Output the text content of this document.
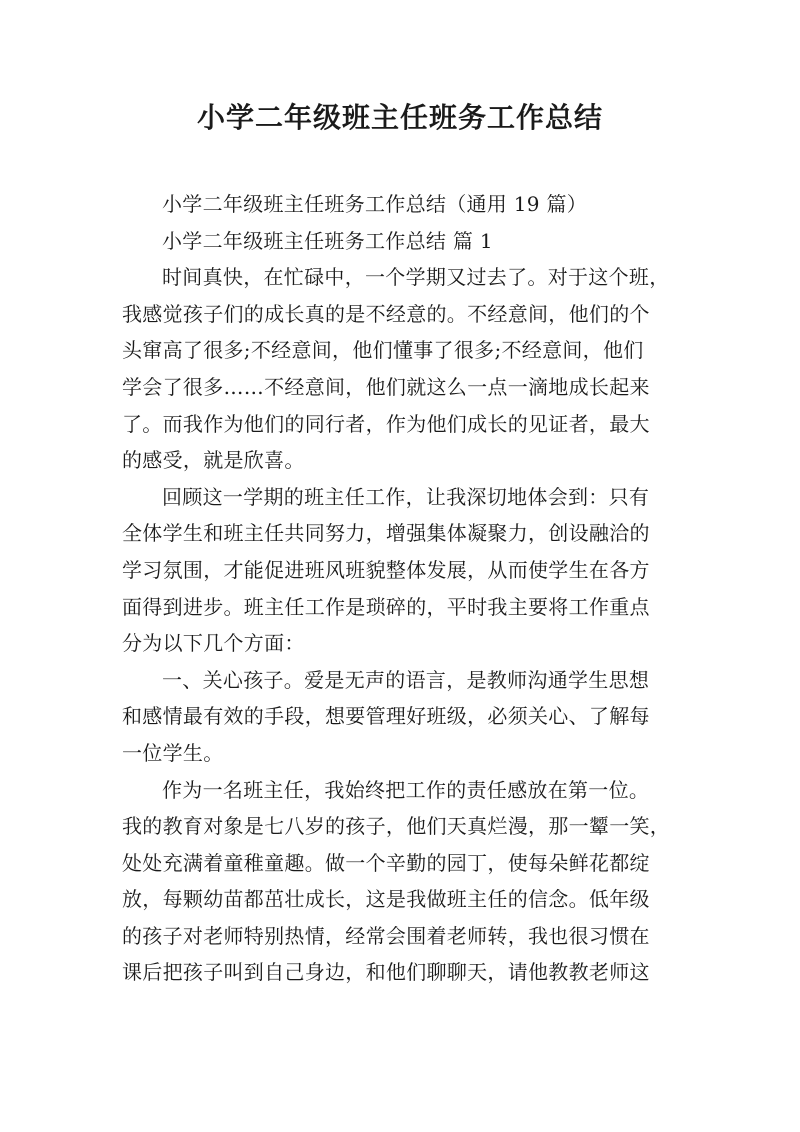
小学二年级班主任班务工作总结
小学二年级班主任班务工作总结（通用 19 篇）
小学二年级班主任班务工作总结 篇 1
时间真快，在忙碌中，一个学期又过去了。对于这个班，
我感觉孩子们的成长真的是不经意的。不经意间，他们的个
头窜高了很多;不经意间，他们懂事了很多;不经意间，他们
学会了很多……不经意间，他们就这么一点一滴地成长起来
了。而我作为他们的同行者，作为他们成长的见证者，最大
的感受，就是欣喜。
回顾这一学期的班主任工作，让我深切地体会到：只有
全体学生和班主任共同努力，增强集体凝聚力，创设融洽的
学习氛围，才能促进班风班貌整体发展，从而使学生在各方
面得到进步。班主任工作是琐碎的，平时我主要将工作重点
分为以下几个方面：
一、关心孩子。爱是无声的语言，是教师沟通学生思想
和感情最有效的手段，想要管理好班级，必须关心、了解每
一位学生。
作为一名班主任，我始终把工作的责任感放在第一位。
我的教育对象是七八岁的孩子，他们天真烂漫，那一颦一笑，
处处充满着童稚童趣。做一个辛勤的园丁，使每朵鲜花都绽
放，每颗幼苗都茁壮成长，这是我做班主任的信念。低年级
的孩子对老师特别热情，经常会围着老师转，我也很习惯在
课后把孩子叫到自己身边，和他们聊聊天，请他教教老师这
